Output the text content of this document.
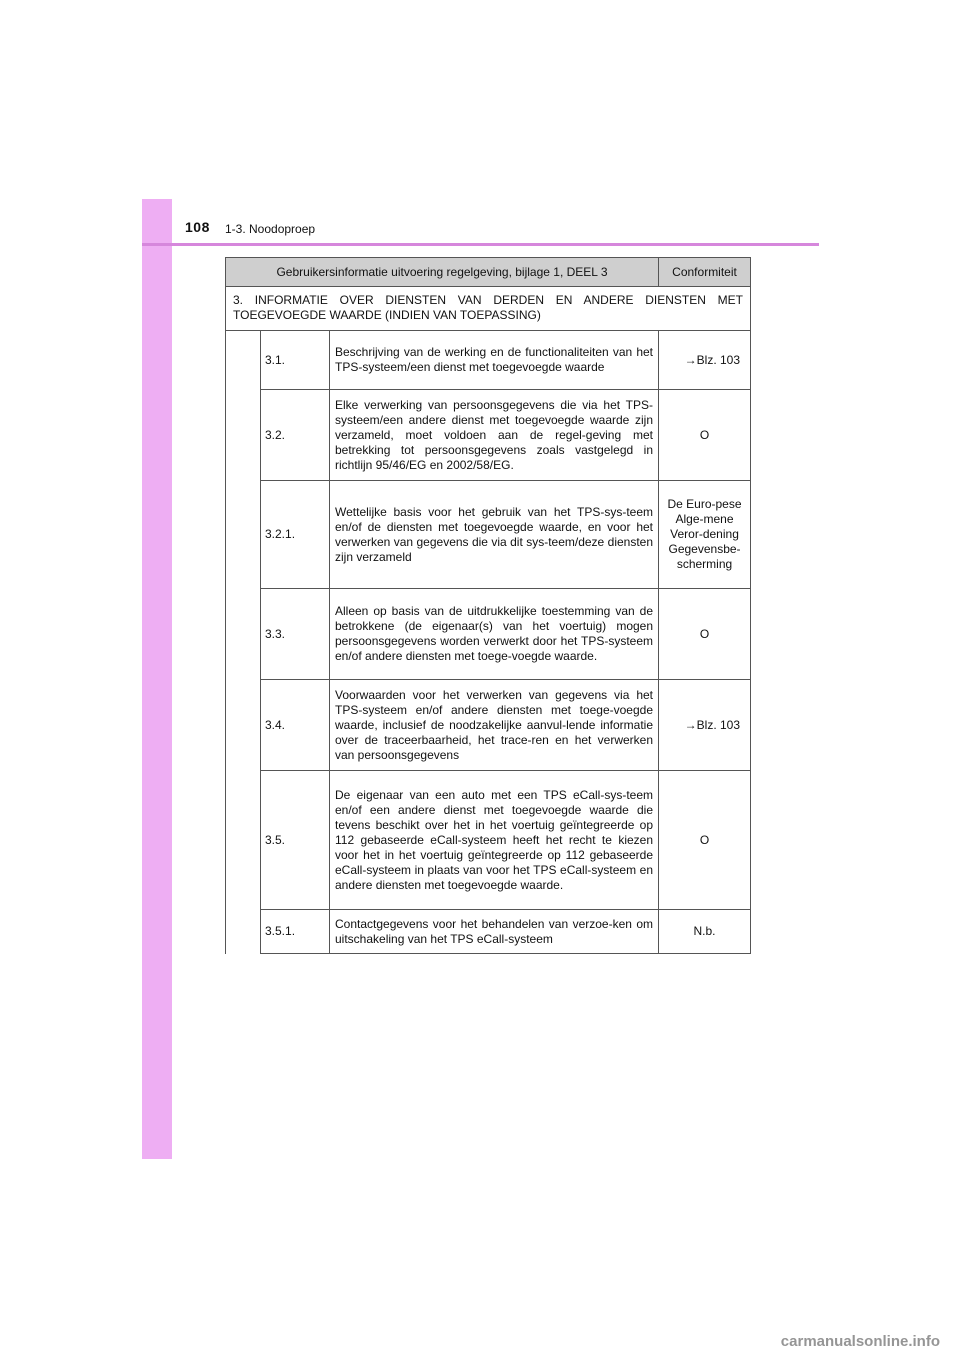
108 1-3. Noodoproep
Gebruikersinformatie uitvoering regelgeving, bijlage 1, DEEL 3			Conformiteit
3. INFORMATIE OVER DIENSTEN VAN DERDEN EN ANDERE DIENSTEN MET TOEGEVOEGDE WAARDE (INDIEN VAN TOEPASSING)			
	3.1.	Beschrijving van de werking en de functionaliteiten van het TPS-systeem/een dienst met toegevoegde waarde	→Blz. 103
	3.2.	Elke verwerking van persoonsgegevens die via het TPS-systeem/een andere dienst met toegevoegde waarde zijn verzameld, moet voldoen aan de regel-geving met betrekking tot persoonsgegevens zoals vastgelegd in richtlijn 95/46/EG en 2002/58/EG.	O
	3.2.1.	Wettelijke basis voor het gebruik van het TPS-sys-teem en/of de diensten met toegevoegde waarde, en voor het verwerken van gegevens die via dit sys-teem/deze diensten zijn verzameld	De Euro-pese Alge-mene Veror-dening Gegevensbe-scherming
	3.3.	Alleen op basis van de uitdrukkelijke toestemming van de betrokkene (de eigenaar(s) van het voertuig) mogen persoonsgegevens worden verwerkt door het TPS-systeem en/of andere diensten met toege-voegde waarde.	O
	3.4.	Voorwaarden voor het verwerken van gegevens via het TPS-systeem en/of andere diensten met toege-voegde waarde, inclusief de noodzakelijke aanvul-lende informatie over de traceerbaarheid, het trace-ren en het verwerken van persoonsgegevens	→Blz. 103
	3.5.	De eigenaar van een auto met een TPS eCall-sys-teem en/of een andere dienst met toegevoegde waarde die tevens beschikt over het in het voertuig geïntegreerde op 112 gebaseerde eCall-systeem heeft het recht te kiezen voor het in het voertuig geïntegreerde op 112 gebaseerde eCall-systeem in plaats van voor het TPS eCall-systeem en andere diensten met toegevoegde waarde.	O
	3.5.1.	Contactgegevens voor het behandelen van verzoe-ken om uitschakeling van het TPS eCall-systeem	N.b.
carmanualsonline.info
